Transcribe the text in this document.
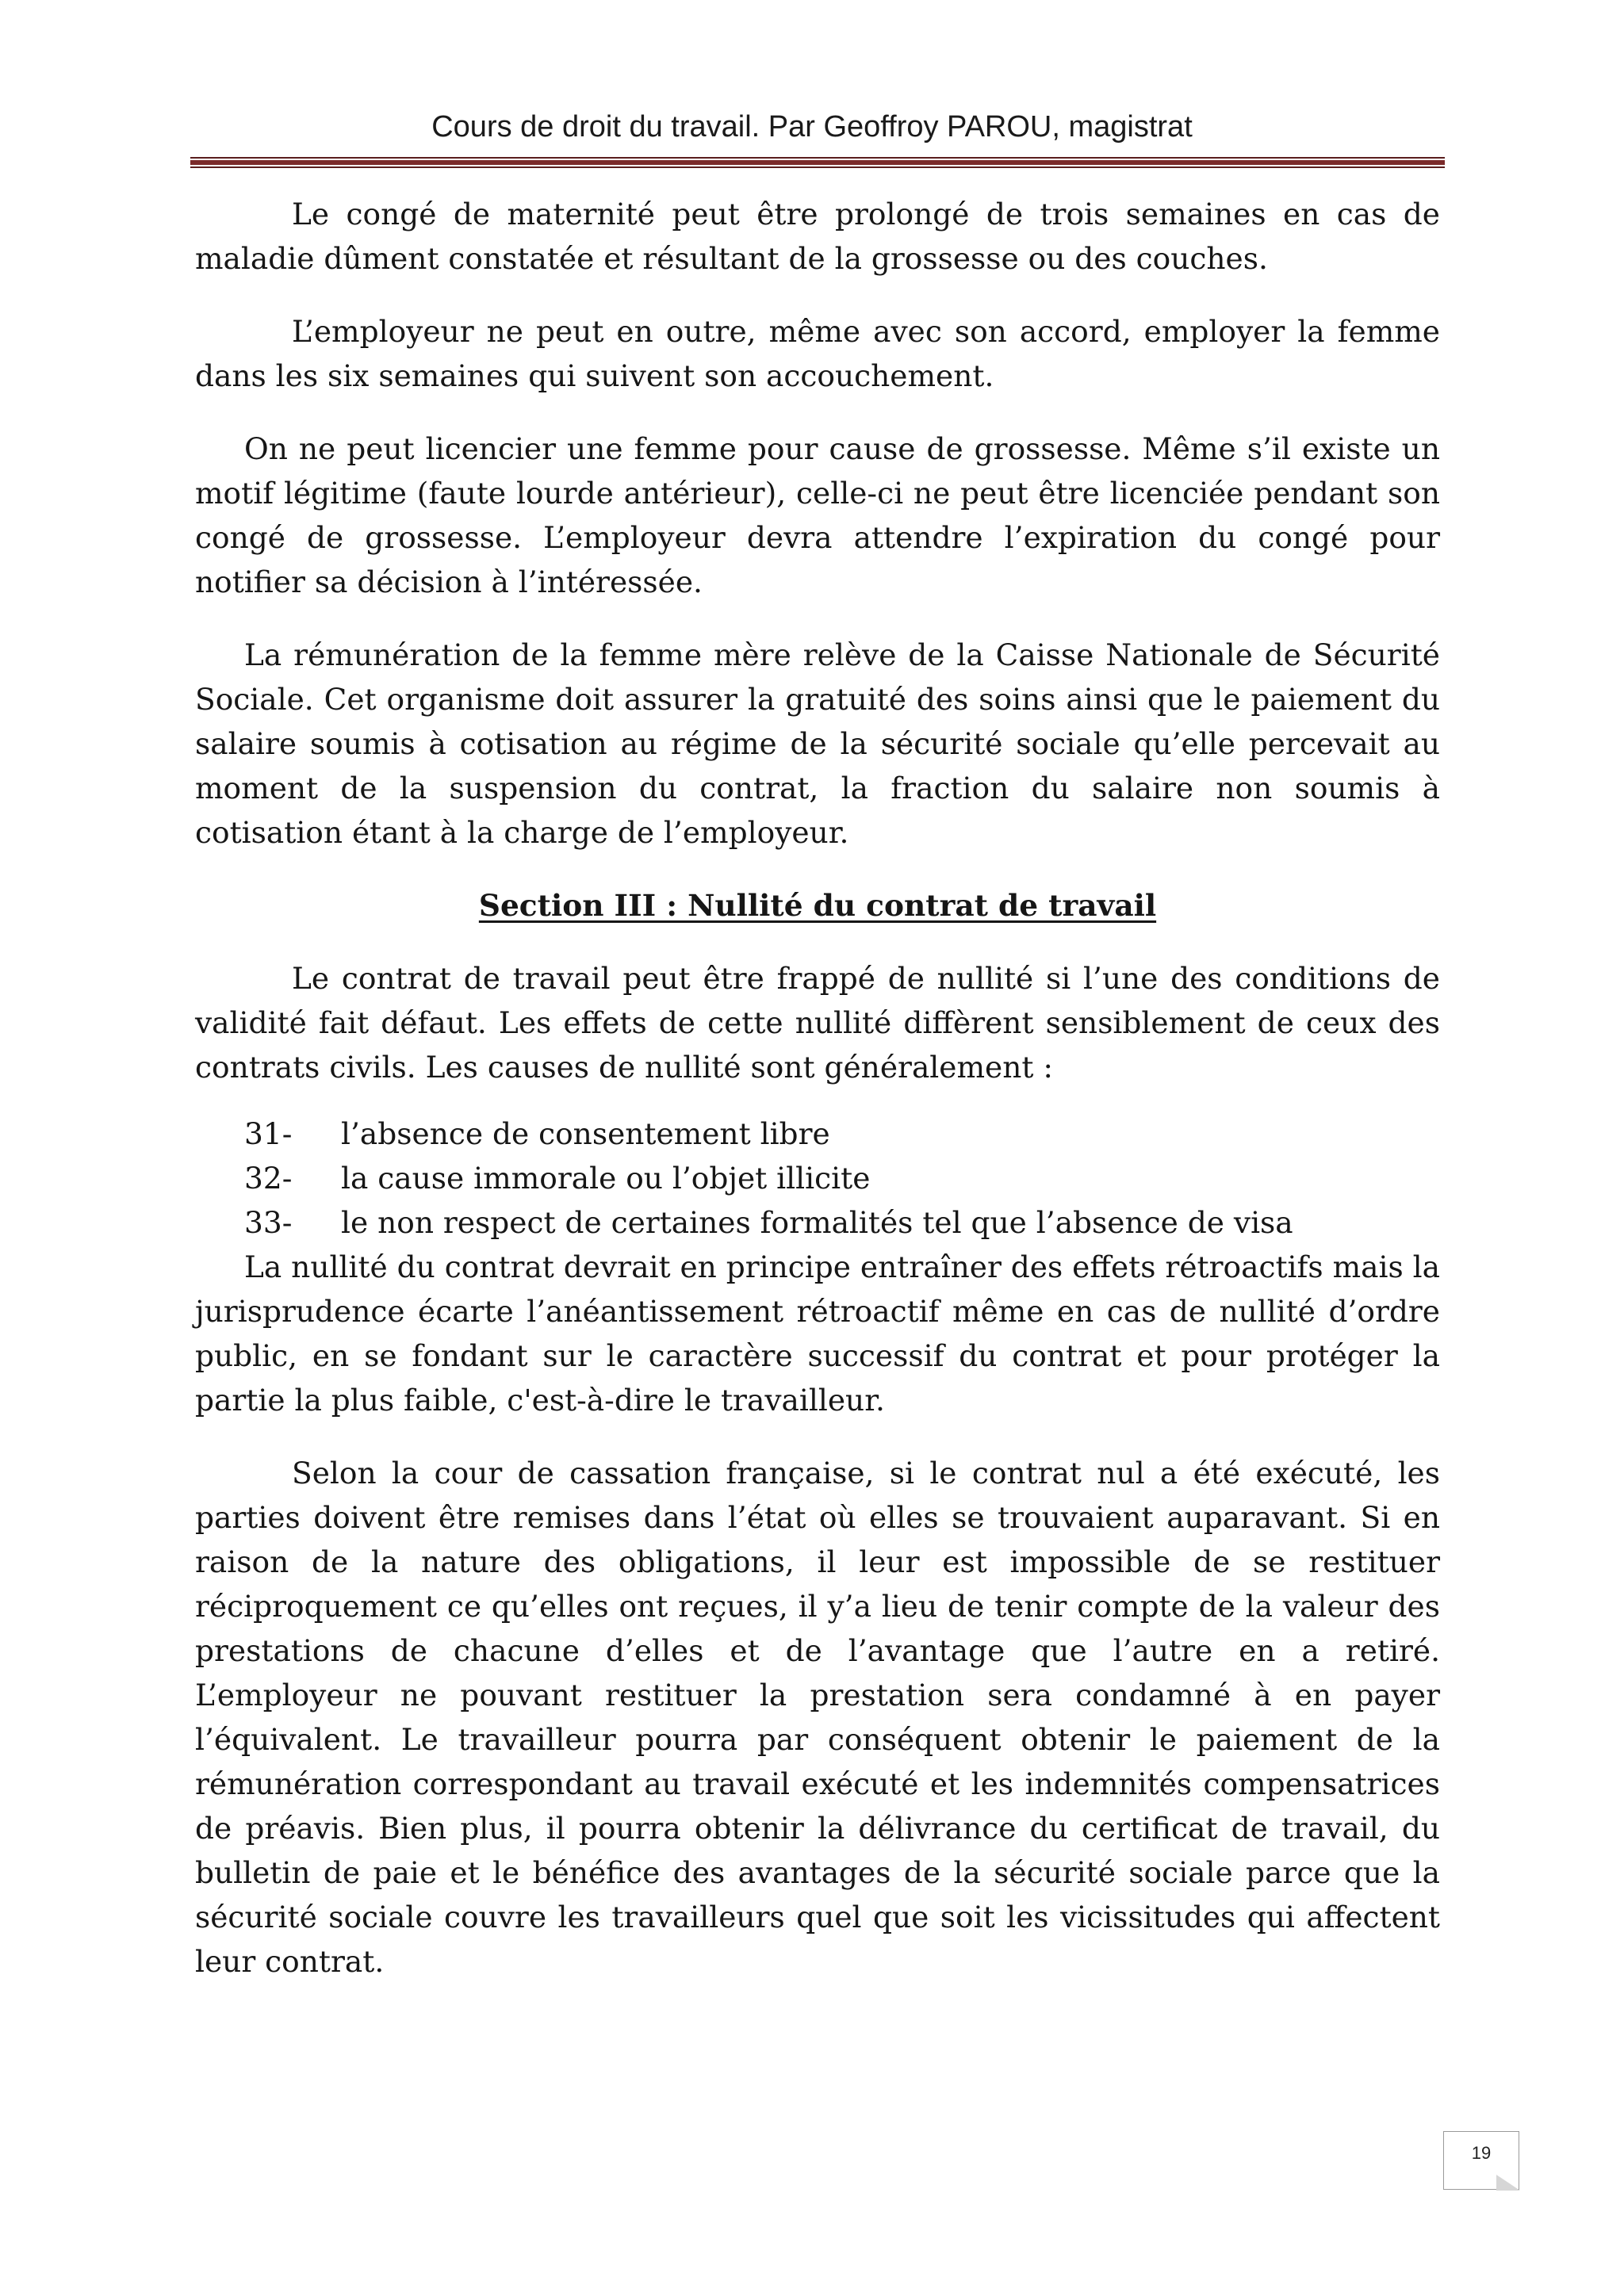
Cours de droit du travail. Par Geoffroy PAROU, magistrat

Le congé de maternité peut être prolongé de trois semaines en cas de maladie dûment constatée et résultant de la grossesse ou des couches.

L’employeur ne peut en outre, même avec son accord, employer la femme dans les six semaines qui suivent son accouchement.

On ne peut licencier une femme pour cause de grossesse. Même s’il existe un motif légitime (faute lourde antérieur), celle-ci ne peut être licenciée pendant son congé de grossesse. L’employeur devra attendre l’expiration du congé pour notifier sa décision à l’intéressée.

La rémunération de la femme mère relève de la Caisse Nationale de Sécurité Sociale. Cet organisme doit assurer la gratuité des soins ainsi que le paiement du salaire soumis à cotisation au régime de la sécurité sociale qu’elle percevait au moment de la suspension du contrat, la fraction du salaire non soumis à cotisation étant à la charge de l’employeur.

Section III : Nullité du contrat de travail

Le contrat de travail peut être frappé de nullité si l’une des conditions de validité fait défaut. Les effets de cette nullité diffèrent sensiblement de ceux des contrats civils. Les causes de nullité sont généralement :

31-	l’absence de consentement libre
32-	la cause immorale ou l’objet illicite
33-	le non respect de certaines formalités tel que l’absence de visa

La nullité du contrat devrait en principe entraîner des effets rétroactifs mais la jurisprudence écarte l’anéantissement rétroactif même en cas de nullité d’ordre public, en se fondant sur le caractère successif du contrat et pour protéger la partie la plus faible, c'est-à-dire le travailleur.

Selon la cour de cassation française, si le contrat nul a été exécuté, les parties doivent être remises dans l’état où elles se trouvaient auparavant. Si en raison de la nature des obligations, il leur est impossible de se restituer réciproquement ce qu’elles ont reçues, il y’a lieu de tenir compte de la valeur des prestations de chacune d’elles et de l’avantage que l’autre en a retiré. L’employeur ne pouvant restituer la prestation sera condamné à en payer l’équivalent. Le travailleur pourra par conséquent obtenir le paiement de la rémunération correspondant au travail exécuté et les indemnités compensatrices de préavis. Bien plus, il pourra obtenir la délivrance du certificat de travail, du bulletin de paie et le bénéfice des avantages de la sécurité sociale parce que la sécurité sociale couvre les travailleurs quel que soit les vicissitudes qui affectent leur contrat.

19
